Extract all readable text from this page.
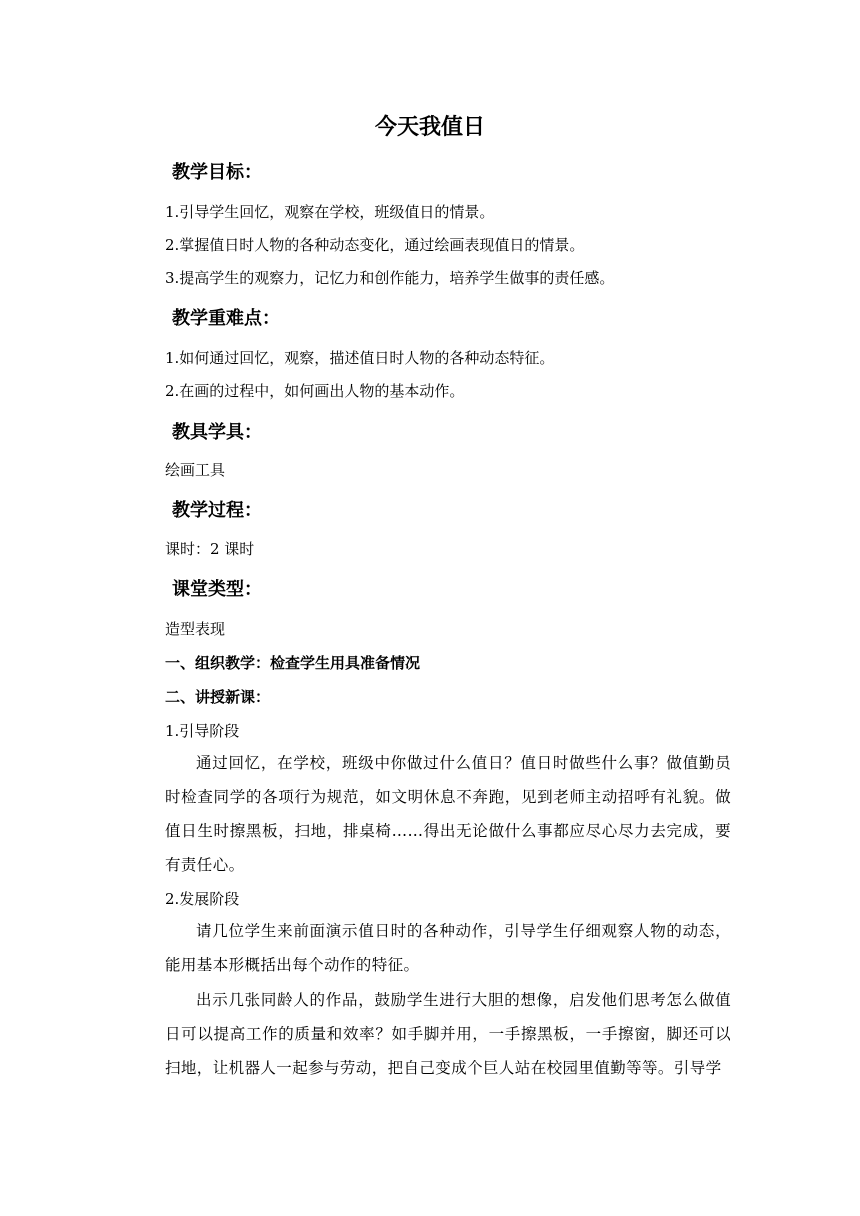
今天我值日
教学目标：
1.引导学生回忆，观察在学校，班级值日的情景。
2.掌握值日时人物的各种动态变化，通过绘画表现值日的情景。
3.提高学生的观察力，记忆力和创作能力，培养学生做事的责任感。
教学重难点：
1.如何通过回忆，观察，描述值日时人物的各种动态特征。
2.在画的过程中，如何画出人物的基本动作。
教具学具：
绘画工具
教学过程：
课时：2 课时
课堂类型：
造型表现
一、组织教学：检查学生用具准备情况
二、讲授新课：
1.引导阶段
通过回忆，在学校，班级中你做过什么值日？值日时做些什么事？做值勤员时检查同学的各项行为规范，如文明休息不奔跑，见到老师主动招呼有礼貌。做值日生时擦黑板，扫地，排桌椅……得出无论做什么事都应尽心尽力去完成，要有责任心。
2.发展阶段
请几位学生来前面演示值日时的各种动作，引导学生仔细观察人物的动态，能用基本形概括出每个动作的特征。
出示几张同龄人的作品，鼓励学生进行大胆的想像，启发他们思考怎么做值日可以提高工作的质量和效率？如手脚并用，一手擦黑板，一手擦窗，脚还可以扫地，让机器人一起参与劳动，把自己变成个巨人站在校园里值勤等等。引导学
